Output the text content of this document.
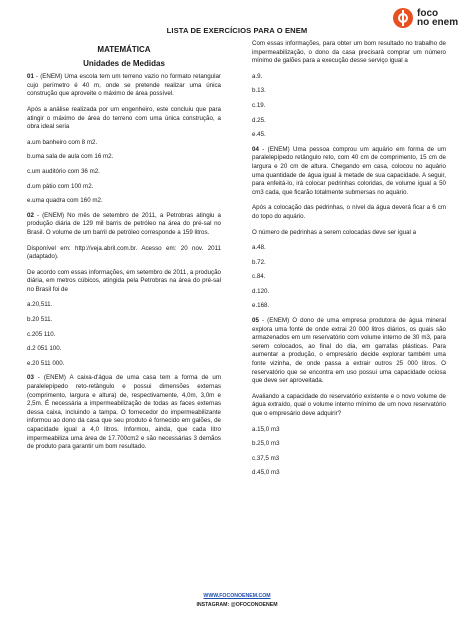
LISTA DE EXERCÍCIOS PARA O ENEM
foco
no enem
MATEMÁTICA
Unidades de Medidas

01 - (ENEM) Uma escola tem um terreno vazio no formato retangular cujo perímetro é 40 m, onde se pretende realizar uma única construção que aproveite o máximo de área possível.

Após a análise realizada por um engenheiro, este concluiu que para atingir o máximo de área do terreno com uma única construção, a obra ideal seria

a.um banheiro com 8 m2.

b.uma sala de aula com 16 m2.

c.um auditório com 36 m2.

d.um pátio com 100 m2.

e.uma quadra com 160 m2.

02 - (ENEM) No mês de setembro de 2011, a Petrobras atingiu a produção diária de 129 mil barris de petróleo na área do pré-sal no Brasil. O volume de um barril de petróleo corresponde a 159 litros.

Disponível em: http://veja.abril.com.br. Acesso em: 20 nov. 2011 (adaptado).

De acordo com essas informações, em setembro de 2011, a produção diária, em metros cúbicos, atingida pela Petrobras na área do pré-sal no Brasil foi de

a.20,511.

b.20 511.

c.205 110.

d.2 051 100.

e.20 511 000.

03 - (ENEM) A caixa-d'água de uma casa tem a forma de um paralelepípedo reto-retângulo e possui dimensões externas (comprimento, largura e altura) de, respectivamente, 4,0m, 3,0m e 2,5m. É necessária a impermeabilização de todas as faces externas dessa caixa, incluindo a tampa. O fornecedor do impermeabilizante informou ao dono da casa que seu produto é fornecido em galões, de capacidade igual a 4,0 litros. Informou, ainda, que cada litro impermeabiliza uma área de 17.700cm2 e são necessárias 3 demãos de produto para garantir um bom resultado.

Com essas informações, para obter um bom resultado no trabalho de impermeabilização, o dono da casa precisará comprar um número mínimo de galões para a execução desse serviço igual a

a.9.

b.13.

c.19.

d.25.

e.45.

04 - (ENEM) Uma pessoa comprou um aquário em forma de um paralelepípedo retângulo reto, com 40 cm de comprimento, 15 cm de largura e 20 cm de altura. Chegando em casa, colocou no aquário uma quantidade de água igual à metade de sua capacidade. A seguir, para enfeitá-lo, irá colocar pedrinhas coloridas, de volume igual a 50 cm3 cada, que ficarão totalmente submersas no aquário.

Após a colocação das pedrinhas, o nível da água deverá ficar a 6 cm do topo do aquário.

O número de pedrinhas a serem colocadas deve ser igual a

a.48.

b.72.

c.84.

d.120.

e.168.

05 - (ENEM) O dono de uma empresa produtora de água mineral explora uma fonte de onde extrai 20 000 litros diários, os quais são armazenados em um reservatório com volume interno de 30 m3, para serem colocados, ao final do dia, em garrafas plásticas. Para aumentar a produção, o empresário decide explorar também uma fonte vizinha, de onde passa a extrair outros 25 000 litros. O reservatório que se encontra em uso possui uma capacidade ociosa que deve ser aproveitada.

Avaliando a capacidade do reservatório existente e o novo volume de água extraído, qual o volume interno mínimo de um novo reservatório que o empresário deve adquirir?

a.15,0 m3

b.25,0 m3

c.37,5 m3

d.45,0 m3

WWW.FOCONOENEM.COM
INSTAGRAM: @OFOCONOENEM
